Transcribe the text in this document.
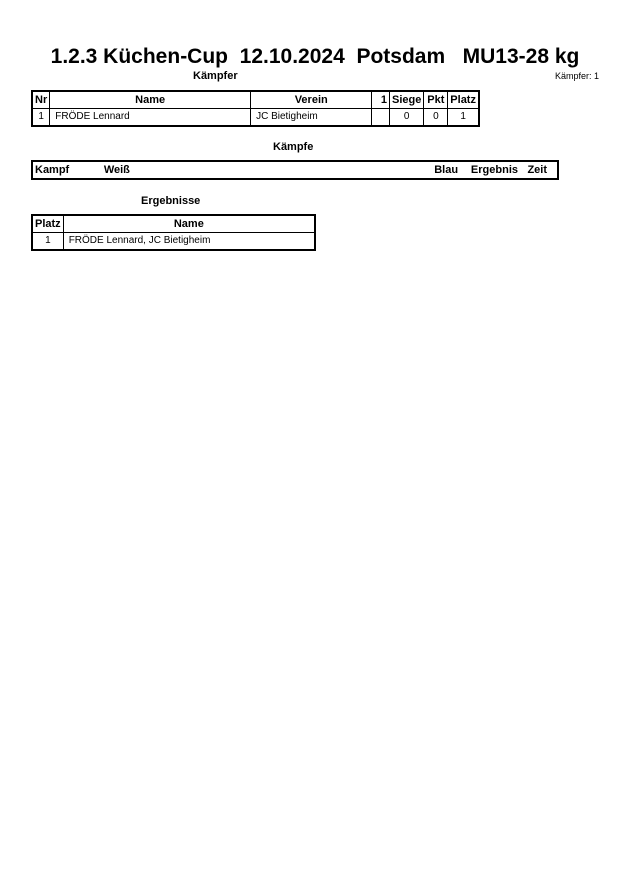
1.2.3 Küchen-Cup  12.10.2024  Potsdam   MU13-28 kg
Kämpfer: 1
Kämpfer
Nr	Name	Verein	1	Siege	Pkt	Platz
1	FRÖDE Lennard	JC Bietigheim		0	0	1
Kämpfe
Kampf	Weiß	Blau	Ergebnis	Zeit
Ergebnisse
Platz	Name
1	FRÖDE Lennard, JC Bietigheim
